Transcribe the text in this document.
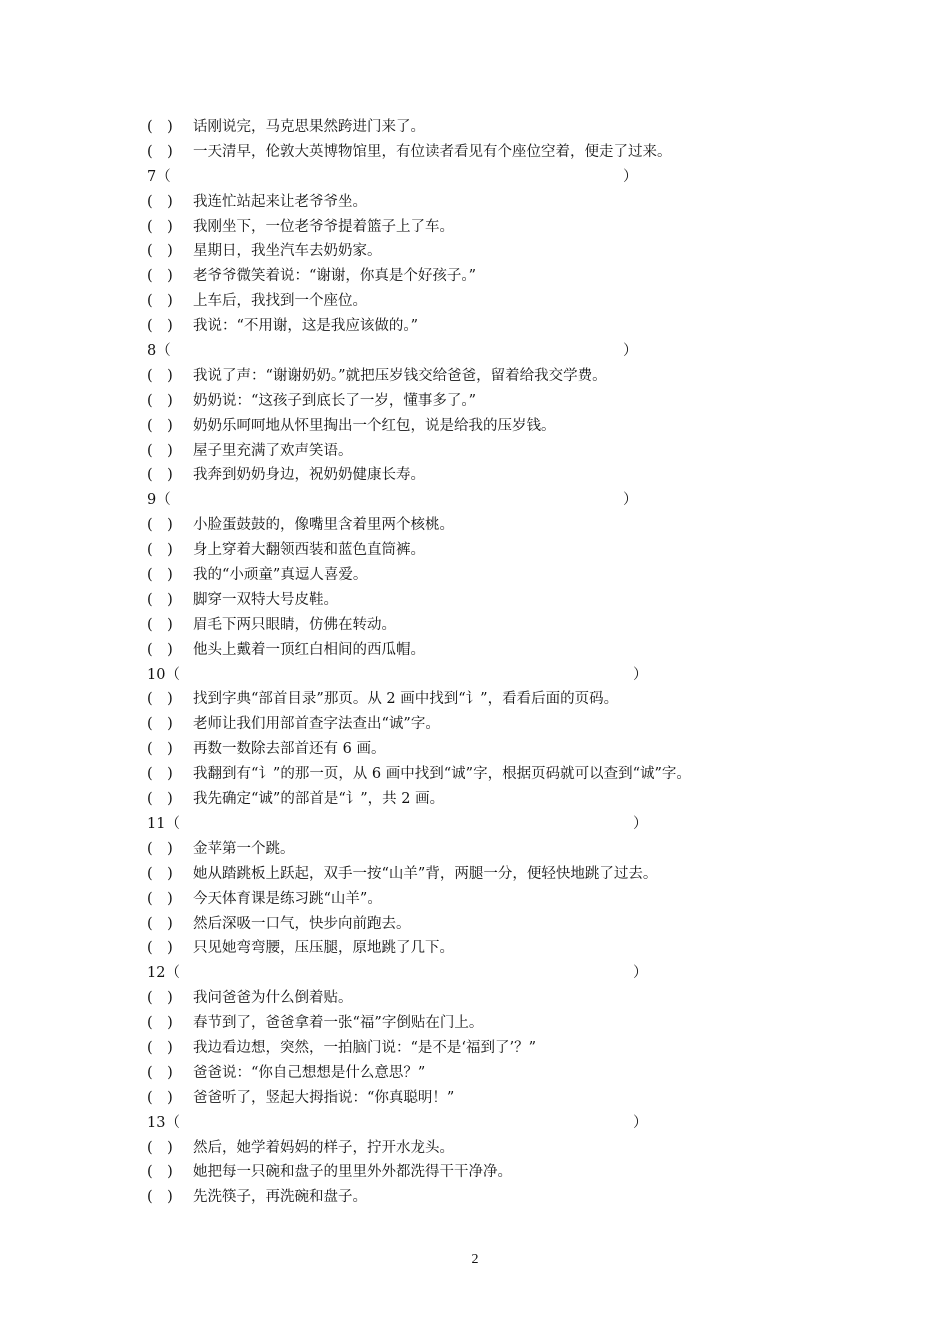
(　) 话刚说完，马克思果然跨进门来了。
(　) 一天清早，伦敦大英博物馆里，有位读者看见有个座位空着，便走了过来。
7（	）
(　) 我连忙站起来让老爷爷坐。
(　) 我刚坐下，一位老爷爷提着篮子上了车。
(　) 星期日，我坐汽车去奶奶家。
(　) 老爷爷微笑着说：“谢谢，你真是个好孩子。”
(　) 上车后，我找到一个座位。
(　) 我说：“不用谢，这是我应该做的。”
8（	）
(　) 我说了声：“谢谢奶奶。”就把压岁钱交给爸爸，留着给我交学费。
(　) 奶奶说：“这孩子到底长了一岁，懂事多了。”
(　) 奶奶乐呵呵地从怀里掏出一个红包，说是给我的压岁钱。
(　) 屋子里充满了欢声笑语。
(　) 我奔到奶奶身边，祝奶奶健康长寿。
9（	）
(　) 小脸蛋鼓鼓的，像嘴里含着里两个核桃。
(　) 身上穿着大翻领西装和蓝色直筒裤。
(　) 我的“小顽童”真逗人喜爱。
(　) 脚穿一双特大号皮鞋。
(　) 眉毛下两只眼睛，仿佛在转动。
(　) 他头上戴着一顶红白相间的西瓜帽。
10（	）
(　) 找到字典“部首目录”那页。从 2 画中找到“讠”，看看后面的页码。
(　) 老师让我们用部首查字法查出“诚”字。
(　) 再数一数除去部首还有 6 画。
(　) 我翻到有“讠”的那一页，从 6 画中找到“诚”字，根据页码就可以查到“诚”字。
(　) 我先确定“诚”的部首是“讠”，共 2 画。
11（	）
(　) 金苹第一个跳。
(　) 她从踏跳板上跃起，双手一按“山羊”背，两腿一分，便轻快地跳了过去。
(　) 今天体育课是练习跳“山羊”。
(　) 然后深吸一口气，快步向前跑去。
(　) 只见她弯弯腰，压压腿，原地跳了几下。
12（	）
(　) 我问爸爸为什么倒着贴。
(　) 春节到了，爸爸拿着一张“福”字倒贴在门上。
(　) 我边看边想，突然，一拍脑门说：“是不是‘福到了’？”
(　) 爸爸说：“你自己想想是什么意思？”
(　) 爸爸听了，竖起大拇指说：“你真聪明！”
13（	）
(　) 然后，她学着妈妈的样子，拧开水龙头。
(　) 她把每一只碗和盘子的里里外外都洗得干干净净。
(　) 先洗筷子，再洗碗和盘子。
2
